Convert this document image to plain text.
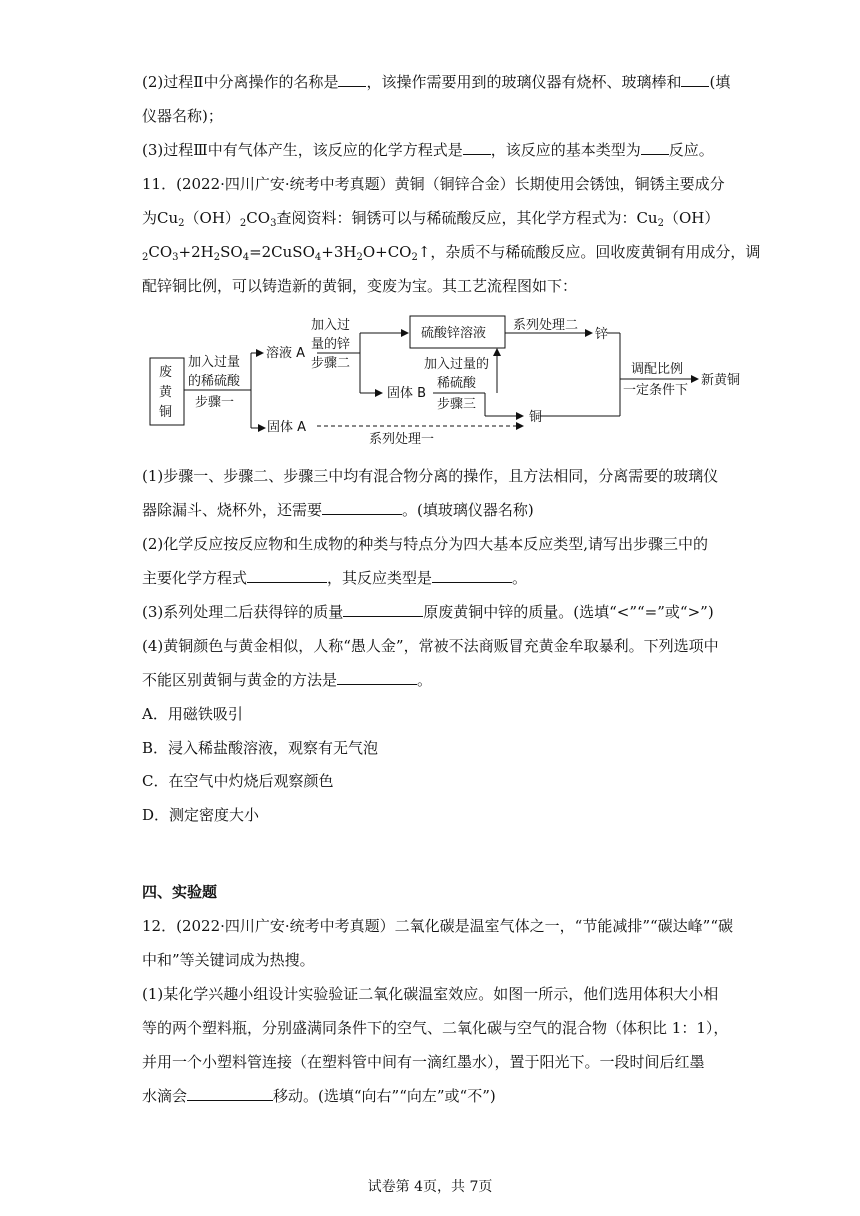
(2)过程Ⅱ中分离操作的名称是 ，该操作需要用到的玻璃仪器有烧杯、玻璃棒和 (填
仪器名称)；
(3)过程Ⅲ中有气体产生，该反应的化学方程式是 ，该反应的基本类型为 反应。
11．(2022·四川广安·统考中考真题）黄铜（铜锌合金）长期使用会锈蚀，铜锈主要成分
为$Cu_2(OH)_2CO_3$查阅资料：铜锈可以与稀硫酸反应，其化学方程式为：$Cu_2(OH)$
$_2CO_3+2H_2SO_4=2CuSO_4+3H_2O+CO_2↑$，杂质不与稀硫酸反应。回收废黄铜有用成分，调
配锌铜比例，可以铸造新的黄铜，变废为宝。其工艺流程图如下：
废
黄
铜
加入过量
的稀硫酸
步骤一
溶液 A
加入过
量的锌
步骤二
硫酸锌溶液
系列处理二
锌
固体 B
加入过量的
稀硫酸
步骤三
铜
固体 A
系列处理一
调配比例
一定条件下
新黄铜
(1)步骤一、步骤二、步骤三中均有混合物分离的操作，且方法相同，分离需要的玻璃仪
器除漏斗、烧杯外，还需要	。(填玻璃仪器名称)
(2)化学反应按反应物和生成物的种类与特点分为四大基本反应类型,请写出步骤三中的
主要化学方程式	，其反应类型是	。
(3)系列处理二后获得锌的质量	原废黄铜中锌的质量。(选填“<”“=”或“>”)
(4)黄铜颜色与黄金相似，人称“愚人金”，常被不法商贩冒充黄金牟取暴利。下列选项中
不能区别黄铜与黄金的方法是	。
A．用磁铁吸引
B．浸入稀盐酸溶液，观察有无气泡
C．在空气中灼烧后观察颜色
D．测定密度大小
四、实验题
12．(2022·四川广安·统考中考真题）二氧化碳是温室气体之一，“节能减排”“碳达峰”“碳
中和”等关键词成为热搜。
(1)某化学兴趣小组设计实验验证二氧化碳温室效应。如图一所示，他们选用体积大小相
等的两个塑料瓶，分别盛满同条件下的空气、二氧化碳与空气的混合物（体积比 1：1），
并用一个小塑料管连接（在塑料管中间有一滴红墨水），置于阳光下。一段时间后红墨
水滴会	移动。(选填“向右”“向左”或“不”)
试卷第 4页，共 7页
